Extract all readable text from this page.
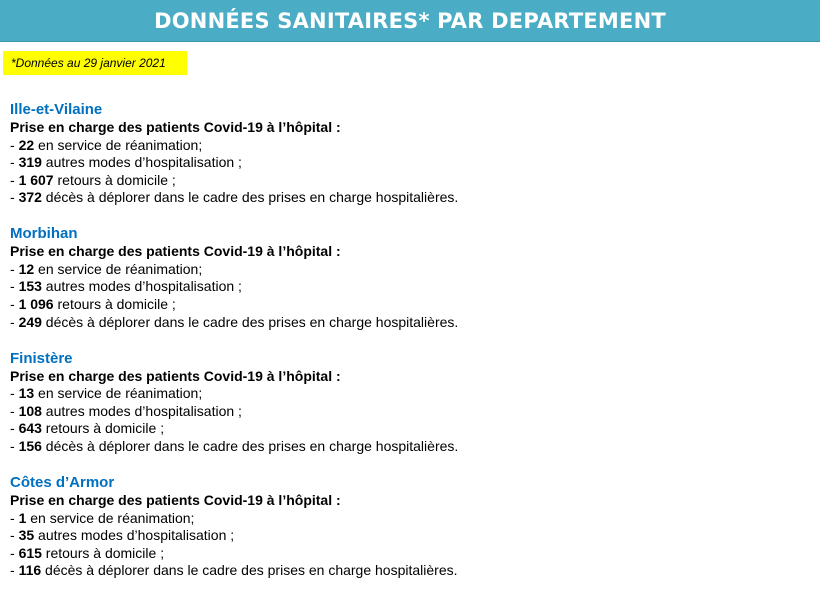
DONNÉES SANITAIRES* PAR DEPARTEMENT
*Données au 29 janvier 2021
Ille-et-Vilaine
Prise en charge des patients Covid-19 à l’hôpital :
- 22 en service de réanimation;
- 319 autres modes d’hospitalisation ;
- 1 607 retours à domicile ;
- 372 décès à déplorer dans le cadre des prises en charge hospitalières.
Morbihan
Prise en charge des patients Covid-19 à l’hôpital :
- 12 en service de réanimation;
- 153 autres modes d’hospitalisation ;
- 1 096 retours à domicile ;
- 249 décès à déplorer dans le cadre des prises en charge hospitalières.
Finistère
Prise en charge des patients Covid-19 à l’hôpital :
- 13 en service de réanimation;
- 108 autres modes d’hospitalisation ;
- 643 retours à domicile ;
- 156 décès à déplorer dans le cadre des prises en charge hospitalières.
Côtes d’Armor
Prise en charge des patients Covid-19 à l’hôpital :
- 1 en service de réanimation;
- 35 autres modes d’hospitalisation ;
- 615 retours à domicile ;
- 116 décès à déplorer dans le cadre des prises en charge hospitalières.
